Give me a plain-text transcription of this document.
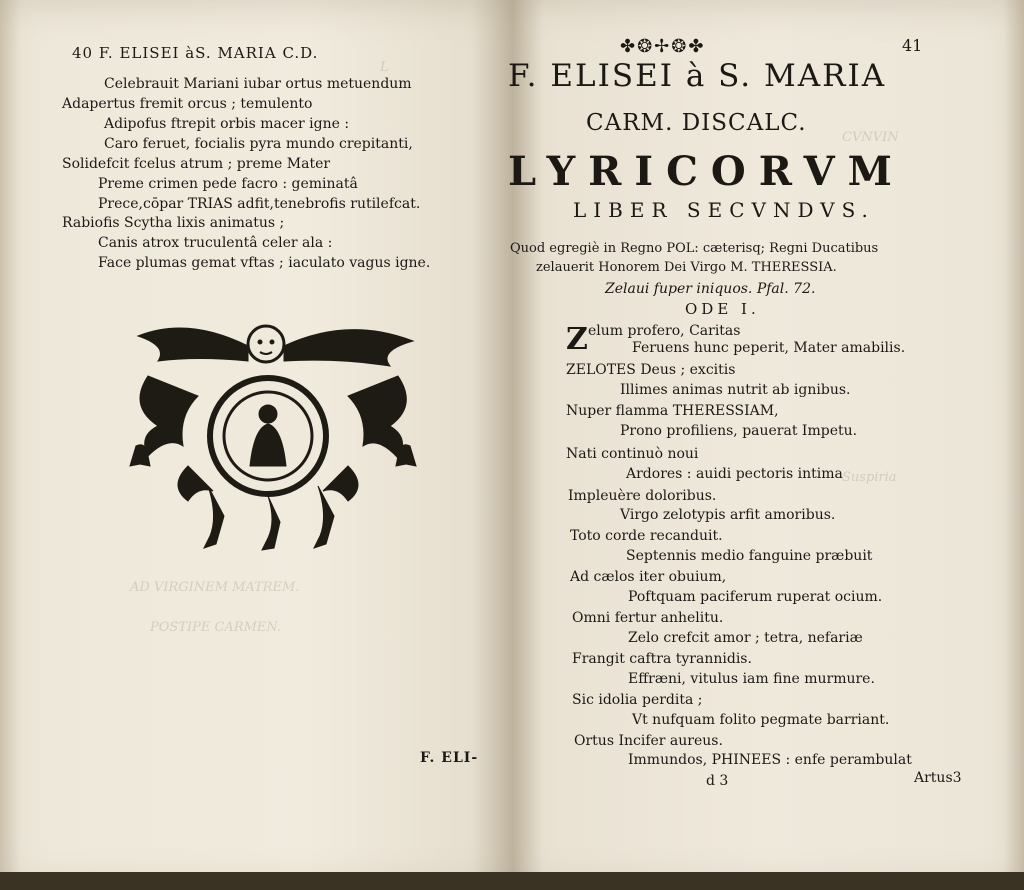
L
AD VIRGINEM MATREM.
POSTIPE CARMEN.
40 F. ELISEI àS. MARIA C.D.
Celebrauit Mariani iubar ortus metuendum
Adapertus fremit orcus ; temulento
Adipofus ftrepit orbis macer igne :
Caro feruet, focialis pyra mundo crepitanti,
Solidefcit fcelus atrum ; preme Mater
Preme crimen pede facro : geminatâ
Prece,cōpar TRIAS adfit,tenebrofis rutilefcat.
Rabiofis Scytha lixis animatus ;
Canis atrox truculentâ celer ala :
Face plumas gemat vftas ; iaculato vagus igne.
F. ELI-
CVNVIN
Suspiria
✤❂✢❂✤	41
F. ELISEI à S. MARIA
CARM. DISCALC.
LYRICORVM
LIBER SECVNDVS.
Quod egregiè in Regno POL: cæterisq; Regni Ducatibus
zelauerit Honorem Dei Virgo M. THERESSIA.
Zelaui fuper iniquos. Pfal. 72.
ODE I.
Z elum profero, Caritas
Feruens hunc peperit, Mater amabilis.
ZELOTES Deus ; excitis
Illimes animas nutrit ab ignibus.
Nuper flamma THERESSIAM,
Prono profiliens, pauerat Impetu.
Nati continuò noui
Ardores : auidi pectoris intima
Impleuère doloribus.
Virgo zelotypis arfit amoribus.
Toto corde recanduit.
Septennis medio fanguine præbuit
Ad cælos iter obuium,
Poftquam paciferum ruperat ocium.
Omni fertur anhelitu.
Zelo crefcit amor ; tetra, nefariæ
Frangit caftra tyrannidis.
Effræni, vitulus iam fine murmure.
Sic idolia perdita ;
Vt nufquam folito pegmate barriant.
Ortus Incifer aureus.
Immundos, PHINEES : enfe perambulat
d 3	Artus3
